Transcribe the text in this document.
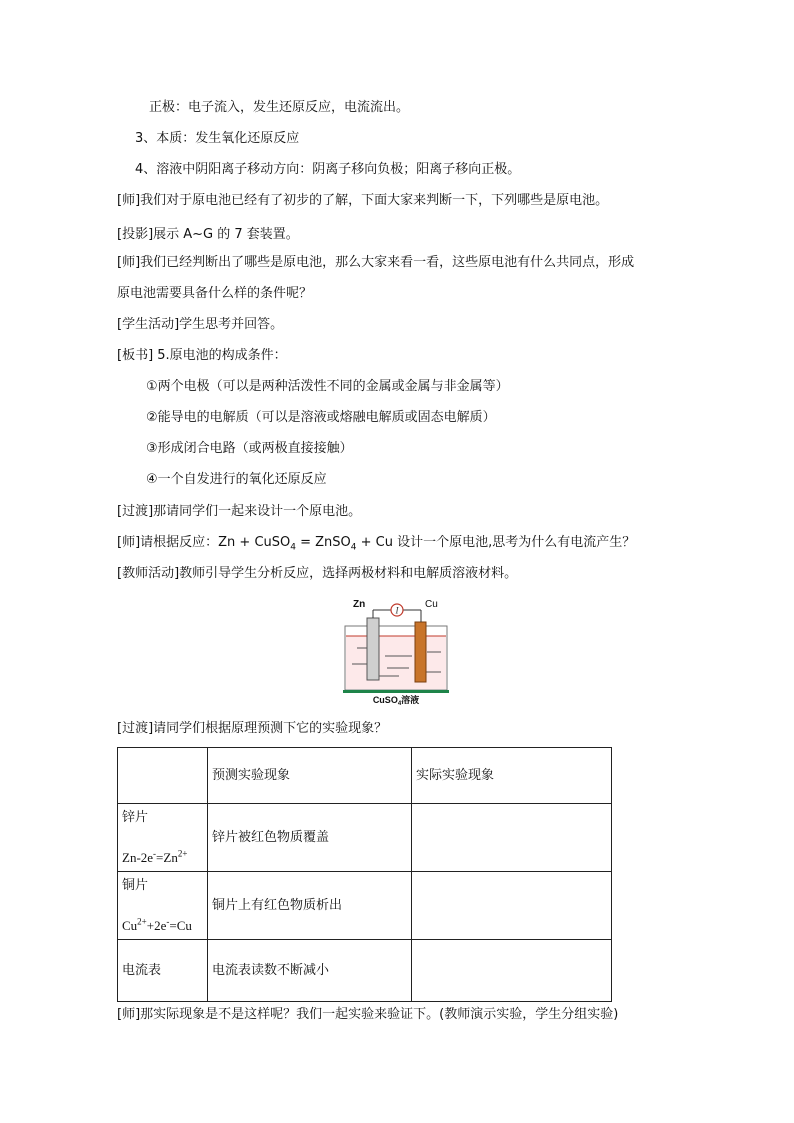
正极：电子流入，发生还原反应，电流流出。
3、本质：发生氧化还原反应
4、溶液中阴阳离子移动方向：阴离子移向负极；阳离子移向正极。
[师]我们对于原电池已经有了初步的了解，下面大家来判断一下，下列哪些是原电池。
[投影]展示 A~G 的 7 套装置。
[师]我们已经判断出了哪些是原电池，那么大家来看一看，这些原电池有什么共同点，形成
原电池需要具备什么样的条件呢？
[学生活动]学生思考并回答。
[板书] 5.原电池的构成条件：
①两个电极（可以是两种活泼性不同的金属或金属与非金属等）
②能导电的电解质（可以是溶液或熔融电解质或固态电解质）
③形成闭合电路（或两极直接接触）
④一个自发进行的氧化还原反应
[过渡]那请同学们一起来设计一个原电池。
[师]请根据反应：Zn + CuSO$_4$ = ZnSO$_4$ + Cu 设计一个原电池,思考为什么有电流产生？
[教师活动]教师引导学生分析反应，选择两极材料和电解质溶液材料。
I
Zn	Cu
CuSO$_4$溶液
[过渡]请同学们根据原理预测下它的实验现象？
	预测实验现象	实际实验现象

锌片
$Zn-2e^-=Zn^{2+}$	锌片被红色物质覆盖	

铜片
$Cu^{2+}+2e^-=Cu$	铜片上有红色物质析出	
电流表	电流表读数不断减小	
[师]那实际现象是不是这样呢？我们一起实验来验证下。(教师演示实验，学生分组实验)
